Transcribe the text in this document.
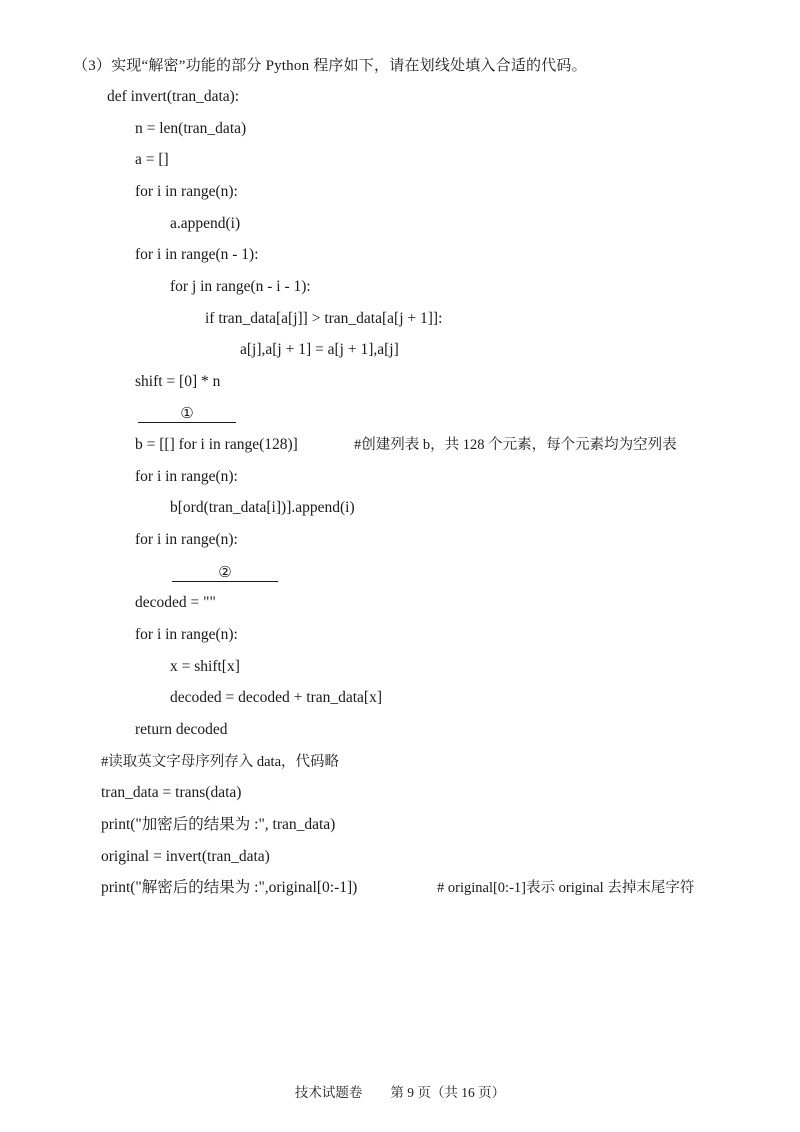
（3）实现“解密”功能的部分 Python 程序如下，请在划线处填入合适的代码。
def invert(tran_data):
n = len(tran_data)
a = []
for i in range(n):
a.append(i)
for i in range(n - 1):
for j in range(n - i - 1):
if tran_data[a[j]] > tran_data[a[j + 1]]:
a[j],a[j + 1] = a[j + 1],a[j]
shift = [0] * n
①
b = [[] for i in range(128)]	#创建列表 b，共 128 个元素，每个元素均为空列表
for i in range(n):
b[ord(tran_data[i])].append(i)
for i in range(n):
②
decoded = ""
for i in range(n):
x = shift[x]
decoded = decoded + tran_data[x]
return decoded
#读取英文字母序列存入 data，代码略
tran_data = trans(data)
print("加密后的结果为 :", tran_data)
original = invert(tran_data)
print("解密后的结果为 :",original[0:-1])	# original[0:-1]表示 original 去掉末尾字符
技术试题卷 第 9 页（共 16 页）
